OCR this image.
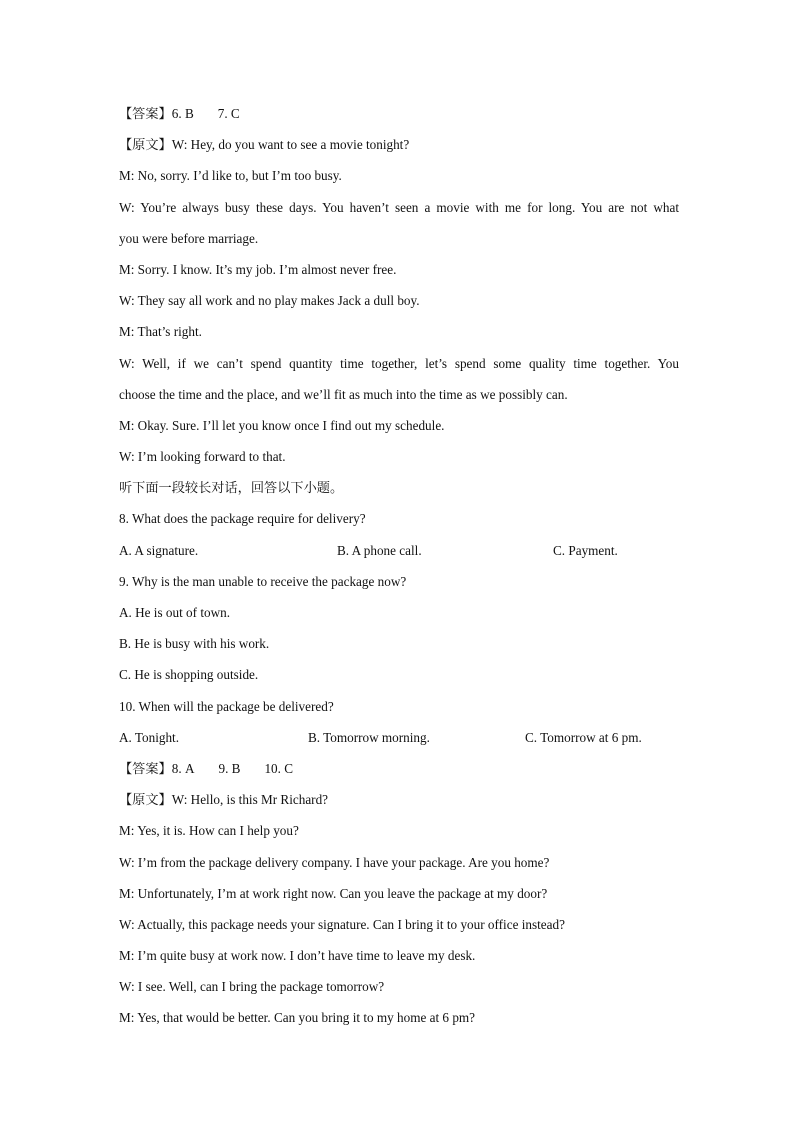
【答案】6. B 7. C
【原文】W: Hey, do you want to see a movie tonight?
M: No, sorry. I’d like to, but I’m too busy.
W: You’re always busy these days. You haven’t seen a movie with me for long. You are not what
you were before marriage.
M: Sorry. I know. It’s my job. I’m almost never free.
W: They say all work and no play makes Jack a dull boy.
M: That’s right.
W: Well, if we can’t spend quantity time together, let’s spend some quality time together. You
choose the time and the place, and we’ll fit as much into the time as we possibly can.
M: Okay. Sure. I’ll let you know once I find out my schedule.
W: I’m looking forward to that.
听下面一段较长对话，回答以下小题。
8. What does the package require for delivery?
A. A signature.	B. A phone call.	C. Payment.
9. Why is the man unable to receive the package now?
A. He is out of town.
B. He is busy with his work.
C. He is shopping outside.
10. When will the package be delivered?
A. Tonight.	B. Tomorrow morning.	C. Tomorrow at 6 pm.
【答案】8. A 9. B 10. C
【原文】W: Hello, is this Mr Richard?
M: Yes, it is. How can I help you?
W: I’m from the package delivery company. I have your package. Are you home?
M: Unfortunately, I’m at work right now. Can you leave the package at my door?
W: Actually, this package needs your signature. Can I bring it to your office instead?
M: I’m quite busy at work now. I don’t have time to leave my desk.
W: I see. Well, can I bring the package tomorrow?
M: Yes, that would be better. Can you bring it to my home at 6 pm?
